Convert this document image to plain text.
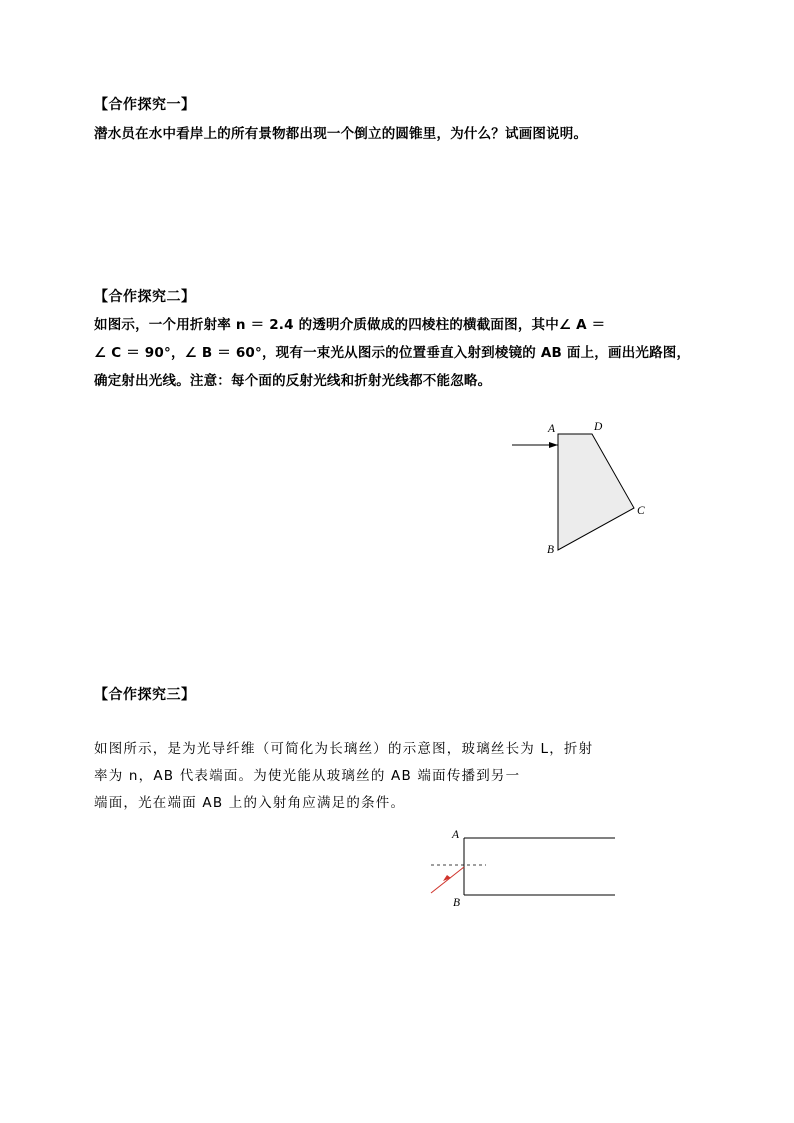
【合作探究一】
潜水员在水中看岸上的所有景物都出现一个倒立的圆锥里，为什么？试画图说明。
【合作探究二】
如图示，一个用折射率 n ＝ 2.4 的透明介质做成的四棱柱的横截面图，其中∠ A ＝
∠ C ＝ 90°，∠ B ＝ 60°，现有一束光从图示的位置垂直入射到棱镜的 AB 面上，画出光路图，
确定射出光线。注意：每个面的反射光线和折射光线都不能忽略。
A	D
C
B
【合作探究三】
如图所示，是为光导纤维（可简化为长璃丝）的示意图，玻璃丝长为 L，折射
率为 n，AB 代表端面。为使光能从玻璃丝的 AB 端面传播到另一
端面，光在端面 AB 上的入射角应满足的条件。
A
B
